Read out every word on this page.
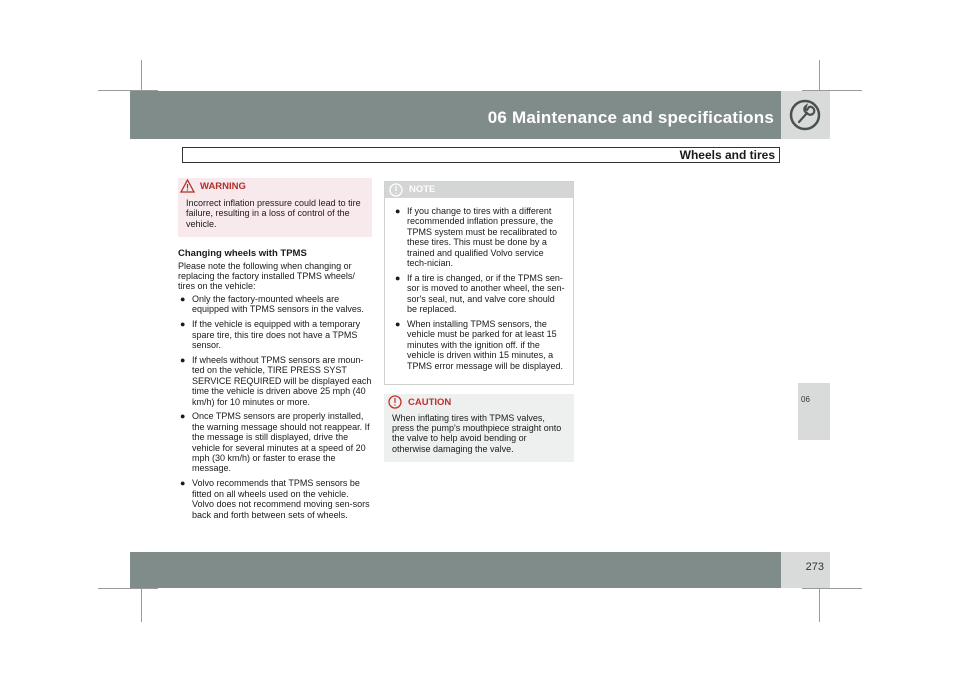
06 Maintenance and specifications
Wheels and tires
06
WARNING
Incorrect inflation pressure could lead to tire failure, resulting in a loss of control of the vehicle.
Changing wheels with TPMS
Please note the following when changing or replacing the factory installed TPMS wheels/ tires on the vehicle:
● Only the factory-mounted wheels are equipped with TPMS sensors in the valves.
● If the vehicle is equipped with a temporary spare tire, this tire does not have a TPMS sensor.
● If wheels without TPMS sensors are moun-ted on the vehicle, TIRE PRESS SYST SERVICE REQUIRED will be displayed each time the vehicle is driven above 25 mph (40 km/h) for 10 minutes or more.
● Once TPMS sensors are properly installed, the warning message should not reappear. If the message is still displayed, drive the vehicle for several minutes at a speed of 20 mph (30 km/h) or faster to erase the message.
● Volvo recommends that TPMS sensors be fitted on all wheels used on the vehicle. Volvo does not recommend moving sen-sors back and forth between sets of wheels.
NOTE
● If you change to tires with a different recommended inflation pressure, the TPMS system must be recalibrated to these tires. This must be done by a trained and qualified Volvo service tech-nician.
● If a tire is changed, or if the TPMS sen-sor is moved to another wheel, the sen-sor's seal, nut, and valve core should be replaced.
● When installing TPMS sensors, the vehicle must be parked for at least 15 minutes with the ignition off. if the vehicle is driven within 15 minutes, a TPMS error message will be displayed.
CAUTION
When inflating tires with TPMS valves, press the pump's mouthpiece straight onto the valve to help avoid bending or otherwise damaging the valve.
273
